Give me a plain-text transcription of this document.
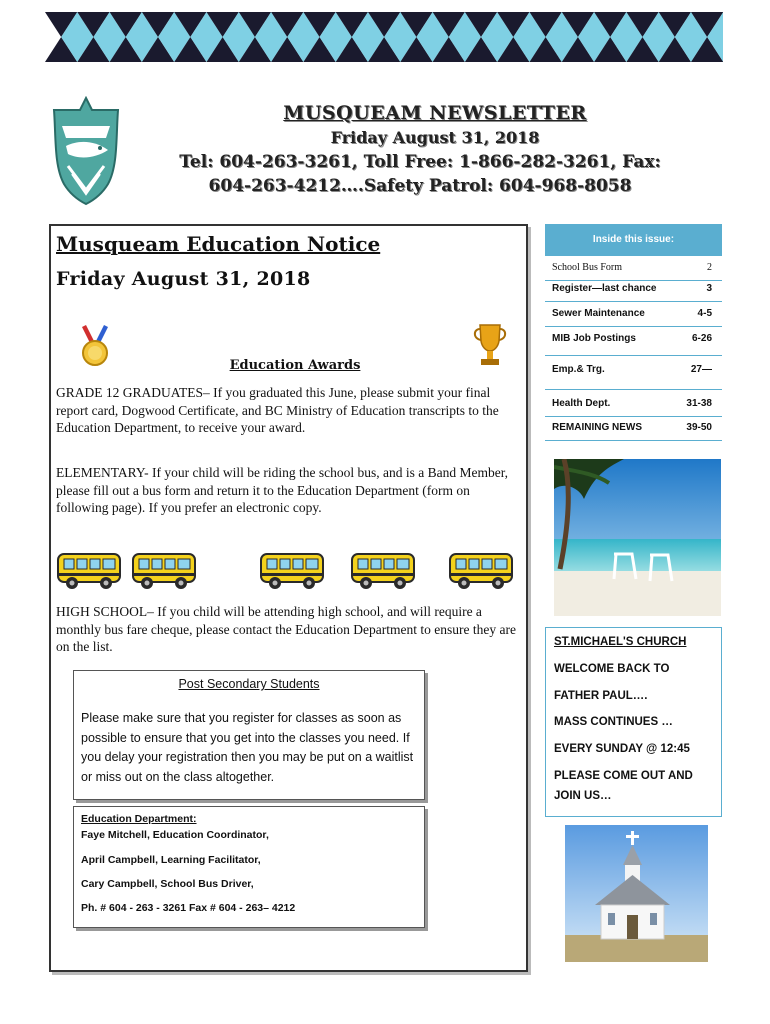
MUSQUEAM NEWSLETTER
Friday August 31, 2018
Tel: 604-263-3261, Toll Free: 1-866-282-3261, Fax:
604-263-4212….Safety Patrol: 604-968-8058
Musqueam Education Notice
Friday August 31, 2018
Education Awards
GRADE 12 GRADUATES– If you graduated this June, please submit your final report card, Dogwood Certificate, and BC Ministry of Education transcripts to the Education Department, to receive your award.
ELEMENTARY- If your child will be riding the school bus, and is a Band Member, please fill out a bus form and return it to the Education Department (form on following page). If you prefer an electronic copy.
HIGH SCHOOL– If you child will be attending high school, and will require a monthly bus fare cheque, please contact the Education Department to ensure they are on the list.
Post Secondary Students
Please make sure that you register for classes as soon as possible to ensure that you get into the classes you need. If you delay your registration then you may be put on a waitlist or miss out on the class altogether.
Education Department:
Faye Mitchell, Education Coordinator,
April Campbell, Learning Facilitator,
Cary Campbell, School Bus Driver,
Ph. # 604 - 263 - 3261 Fax # 604 - 263– 4212
Inside this issue:
School Bus Form	2
Register—last chance	3
Sewer Maintenance	4-5
MIB Job Postings	6-26
Emp.& Trg.	27—
Health Dept.	31-38
REMAINING NEWS	39-50
ST.MICHAEL'S CHURCH
WELCOME BACK TO
FATHER PAUL….
MASS CONTINUES …
EVERY SUNDAY @ 12:45
PLEASE COME OUT AND
JOIN US…
